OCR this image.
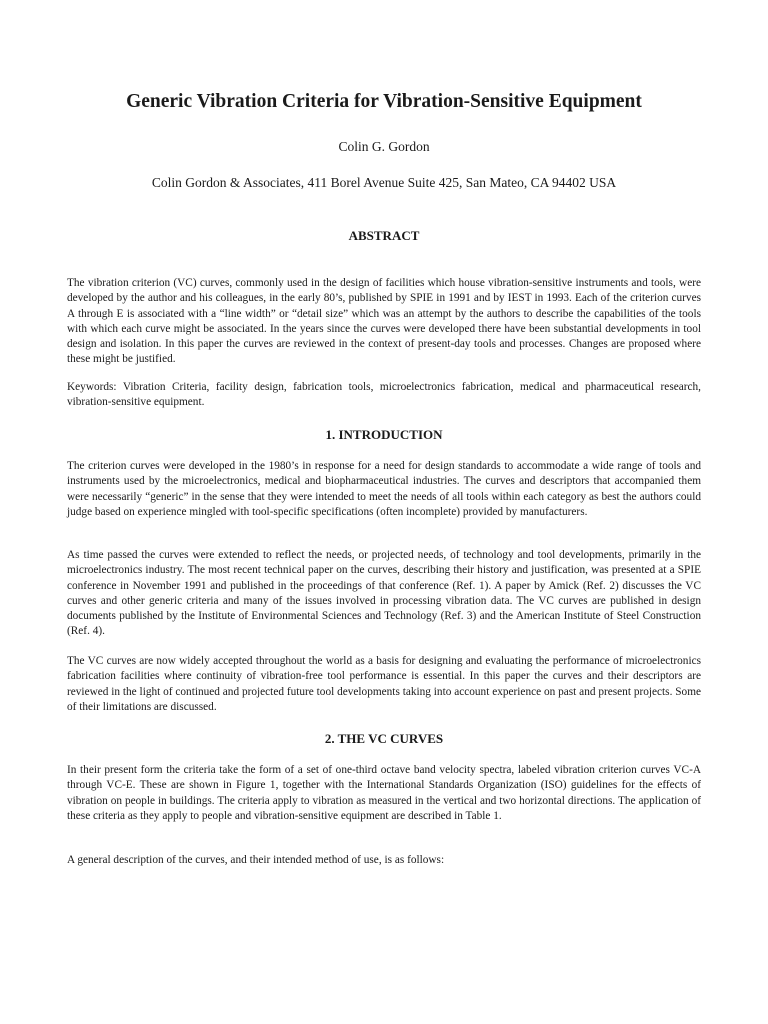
Generic Vibration Criteria for Vibration-Sensitive Equipment

Colin G. Gordon

Colin Gordon & Associates, 411 Borel Avenue Suite 425, San Mateo, CA 94402 USA

ABSTRACT

The vibration criterion (VC) curves, commonly used in the design of facilities which house vibration-sensitive instruments and tools, were developed by the author and his colleagues, in the early 80’s, published by SPIE in 1991 and by IEST in 1993. Each of the criterion curves A through E is associated with a “line width” or “detail size” which was an attempt by the authors to describe the capabilities of the tools with which each curve might be associated. In the years since the curves were developed there have been substantial developments in tool design and isolation. In this paper the curves are reviewed in the context of present-day tools and processes. Changes are proposed where these might be justified.

Keywords: Vibration Criteria, facility design, fabrication tools, microelectronics fabrication, medical and pharmaceutical research, vibration-sensitive equipment.

1. INTRODUCTION

The criterion curves were developed in the 1980’s in response for a need for design standards to accommodate a wide range of tools and instruments used by the microelectronics, medical and biopharmaceutical industries. The curves and descriptors that accompanied them were necessarily “generic” in the sense that they were intended to meet the needs of all tools within each category as best the authors could judge based on experience mingled with tool-specific specifications (often incomplete) provided by manufacturers.

As time passed the curves were extended to reflect the needs, or projected needs, of technology and tool developments, primarily in the microelectronics industry. The most recent technical paper on the curves, describing their history and justification, was presented at a SPIE conference in November 1991 and published in the proceedings of that conference (Ref. 1). A paper by Amick (Ref. 2) discusses the VC curves and other generic criteria and many of the issues involved in processing vibration data. The VC curves are published in design documents published by the Institute of Environmental Sciences and Technology (Ref. 3) and the American Institute of Steel Construction (Ref. 4).

The VC curves are now widely accepted throughout the world as a basis for designing and evaluating the performance of microelectronics fabrication facilities where continuity of vibration-free tool performance is essential. In this paper the curves and their descriptors are reviewed in the light of continued and projected future tool developments taking into account experience on past and present projects. Some of their limitations are discussed.

2. THE VC CURVES

In their present form the criteria take the form of a set of one-third octave band velocity spectra, labeled vibration criterion curves VC-A through VC-E. These are shown in Figure 1, together with the International Standards Organization (ISO) guidelines for the effects of vibration on people in buildings. The criteria apply to vibration as measured in the vertical and two horizontal directions. The application of these criteria as they apply to people and vibration-sensitive equipment are described in Table 1.

A general description of the curves, and their intended method of use, is as follows:
